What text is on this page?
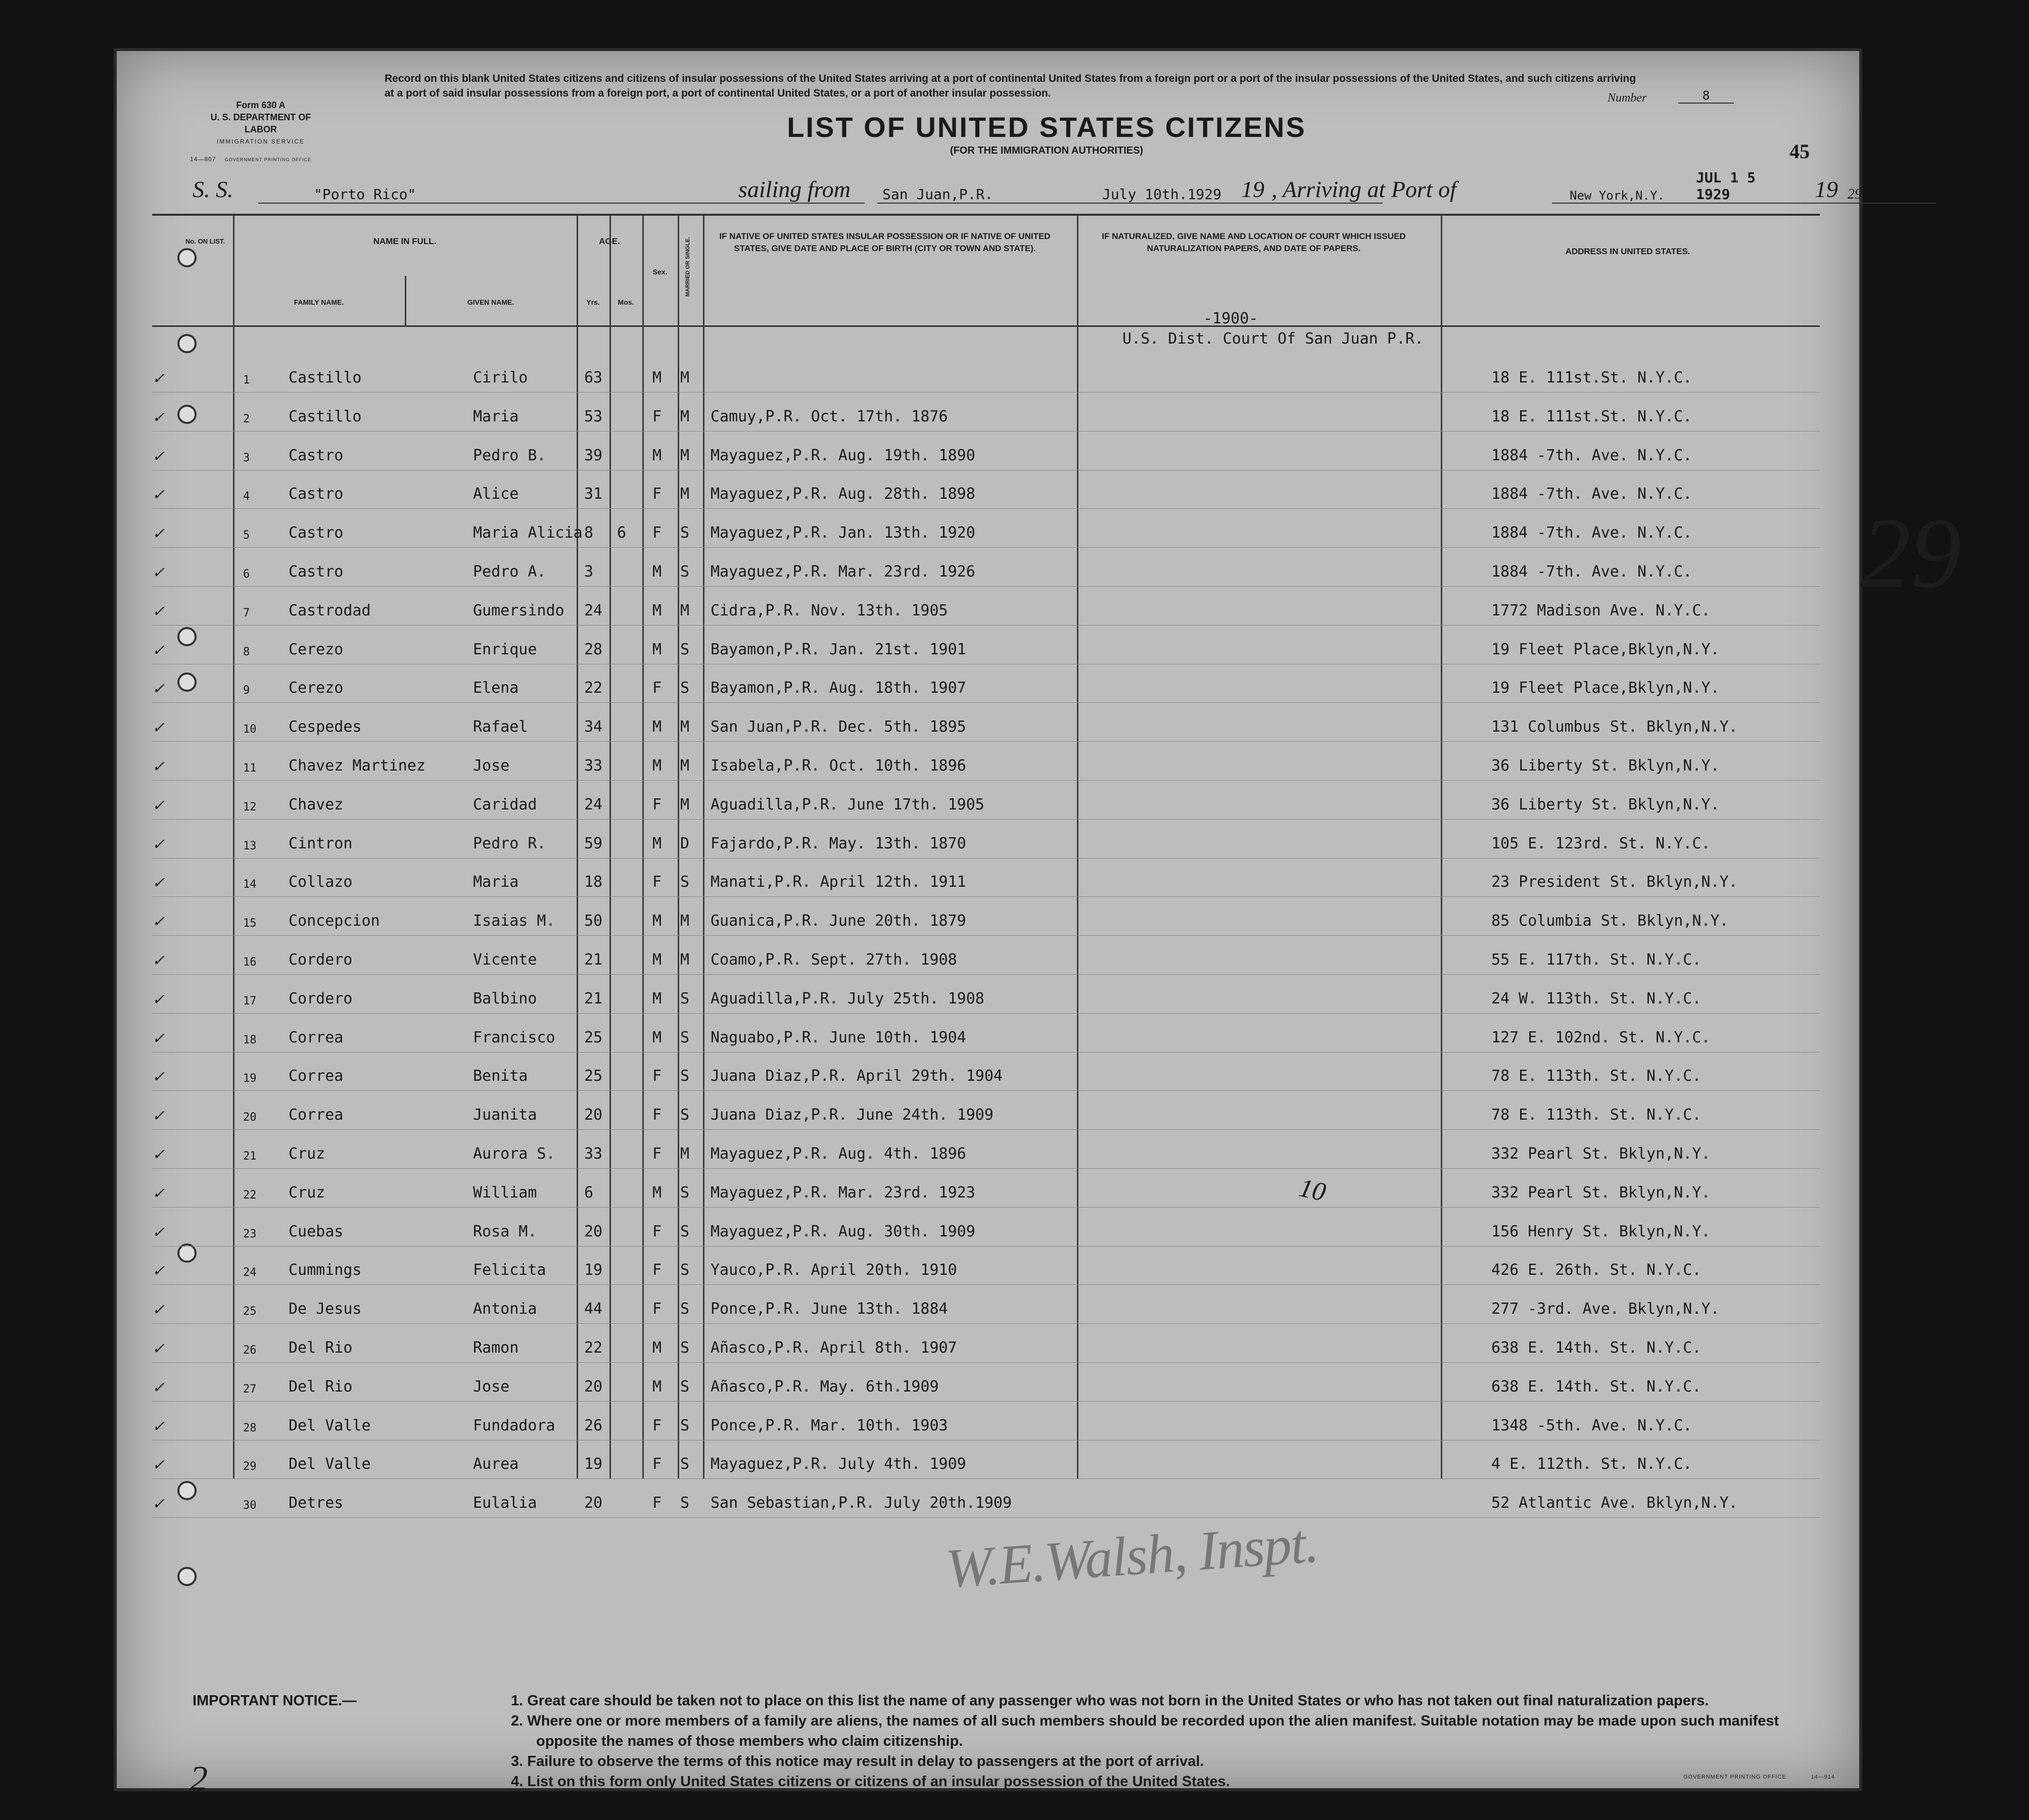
Form 630 A
U. S. DEPARTMENT OF LABOR
IMMIGRATION SERVICE
14—807 GOVERNMENT PRINTING OFFICE
Record on this blank United States citizens and citizens of insular possessions of the United States arriving at a port of continental United States from a foreign port or a port of the insular possessions of the United States, and such citizens arriving at a port of said insular possessions from a foreign port, a port of continental United States, or a port of another insular possession.	Number	8
45
LIST OF UNITED STATES CITIZENS
(FOR THE IMMIGRATION AUTHORITIES)
S. S.	"Porto Rico"	sailing from San Juan,P.R.	July 10th.1929 19 , Arriving at Port of	New York,N.Y.
JUL 1 5 1929	19 29
No. ON LIST.	NAME IN FULL.
FAMILY NAME.	GIVEN NAME.
AGE.
Yrs.	Mos.
Sex.	MARRIED OR SINGLE.
IF NATIVE OF UNITED STATES INSULAR POSSESSION OR IF NATIVE OF UNITED STATES, GIVE DATE AND PLACE OF BIRTH (CITY OR TOWN AND STATE).
IF NATURALIZED, GIVE NAME AND LOCATION OF COURT WHICH ISSUED NATURALIZATION PAPERS, AND DATE OF PAPERS.	ADDRESS IN UNITED STATES.
-1900-
U.S. Dist. Court Of San Juan P.R.
1	Castillo	Cirilo	63	M M	18 E. 111st.St. N.Y.C.
✓
2	Castillo	Maria	53	F M Camuy,P.R. Oct. 17th. 1876	18 E. 111st.St. N.Y.C.
✓
3	Castro	Pedro B.	39	M M Mayaguez,P.R. Aug. 19th. 1890	1884 -7th. Ave. N.Y.C.
✓
4	Castro	Alice	31	F M Mayaguez,P.R. Aug. 28th. 1898	1884 -7th. Ave. N.Y.C.
✓
5	Castro	Maria Alicia 8 6 F S Mayaguez,P.R. Jan. 13th. 1920	1884 -7th. Ave. N.Y.C.
✓
6	Castro	Pedro A.	3	M S Mayaguez,P.R. Mar. 23rd. 1926	1884 -7th. Ave. N.Y.C.
✓
7	Castrodad	Gumersindo 24	M M Cidra,P.R. Nov. 13th. 1905	1772 Madison Ave. N.Y.C.
✓
8	Cerezo	Enrique	28	M S Bayamon,P.R. Jan. 21st. 1901	19 Fleet Place,Bklyn,N.Y.
✓
9	Cerezo	Elena	22	F S Bayamon,P.R. Aug. 18th. 1907	19 Fleet Place,Bklyn,N.Y.
✓
10 Cespedes	Rafael	34	M M San Juan,P.R. Dec. 5th. 1895	131 Columbus St. Bklyn,N.Y.
✓
11 Chavez Martinez	Jose	33	M M Isabela,P.R. Oct. 10th. 1896	36 Liberty St. Bklyn,N.Y.
✓
12 Chavez	Caridad	24	F M Aguadilla,P.R. June 17th. 1905	36 Liberty St. Bklyn,N.Y.
✓
13 Cintron	Pedro R.	59	M D Fajardo,P.R. May. 13th. 1870	105 E. 123rd. St. N.Y.C.
✓
14 Collazo	Maria	18	F S Manati,P.R. April 12th. 1911	23 President St. Bklyn,N.Y.
✓
15 Concepcion	Isaias M. 50	M M Guanica,P.R. June 20th. 1879	85 Columbia St. Bklyn,N.Y.
✓
16 Cordero	Vicente	21	M M Coamo,P.R. Sept. 27th. 1908	55 E. 117th. St. N.Y.C.
✓
17 Cordero	Balbino	21	M S Aguadilla,P.R. July 25th. 1908	24 W. 113th. St. N.Y.C.
✓
18 Correa	Francisco 25	M S Naguabo,P.R. June 10th. 1904	127 E. 102nd. St. N.Y.C.
✓
19 Correa	Benita	25	F S Juana Diaz,P.R. April 29th. 1904	78 E. 113th. St. N.Y.C.
✓
20 Correa	Juanita	20	F S Juana Diaz,P.R. June 24th. 1909	78 E. 113th. St. N.Y.C.
✓
21 Cruz	Aurora S. 33	F M Mayaguez,P.R. Aug. 4th. 1896	332 Pearl St. Bklyn,N.Y.
✓
22 Cruz	William	6	M S Mayaguez,P.R. Mar. 23rd. 1923	332 Pearl St. Bklyn,N.Y.
✓
23 Cuebas	Rosa M.	20	F S Mayaguez,P.R. Aug. 30th. 1909	156 Henry St. Bklyn,N.Y.
✓
24 Cummings	Felicita	19	F S Yauco,P.R. April 20th. 1910	426 E. 26th. St. N.Y.C.
✓
25 De Jesus	Antonia	44	F S Ponce,P.R. June 13th. 1884	277 -3rd. Ave. Bklyn,N.Y.
✓
26 Del Rio	Ramon	22	M S Añasco,P.R. April 8th. 1907	638 E. 14th. St. N.Y.C.
✓
27 Del Rio	Jose	20	M S Añasco,P.R. May. 6th.1909	638 E. 14th. St. N.Y.C.
✓
28 Del Valle	Fundadora 26	F S Ponce,P.R. Mar. 10th. 1903	1348 -5th. Ave. N.Y.C.
✓
29 Del Valle	Aurea	19	F S Mayaguez,P.R. July 4th. 1909	4 E. 112th. St. N.Y.C.
✓
30 Detres	Eulalia	20	F S San Sebastian,P.R. July 20th.1909	52 Atlantic Ave. Bklyn,N.Y.
✓
10
W.E.Walsh, Inspt.
29
2
IMPORTANT NOTICE.—	1. Great care should be taken not to place on this list the name of any passenger who was not born in the United States or who has not taken out final naturalization papers.
2. Where one or more members of a family are aliens, the names of all such members should be recorded upon the alien manifest. Suitable notation may be made upon such manifest opposite the names of those members who claim citizenship.
3. Failure to observe the terms of this notice may result in delay to passengers at the port of arrival.
4. List on this form only United States citizens or citizens of an insular possession of the United States.	GOVERNMENT PRINTING OFFICE	14—914
